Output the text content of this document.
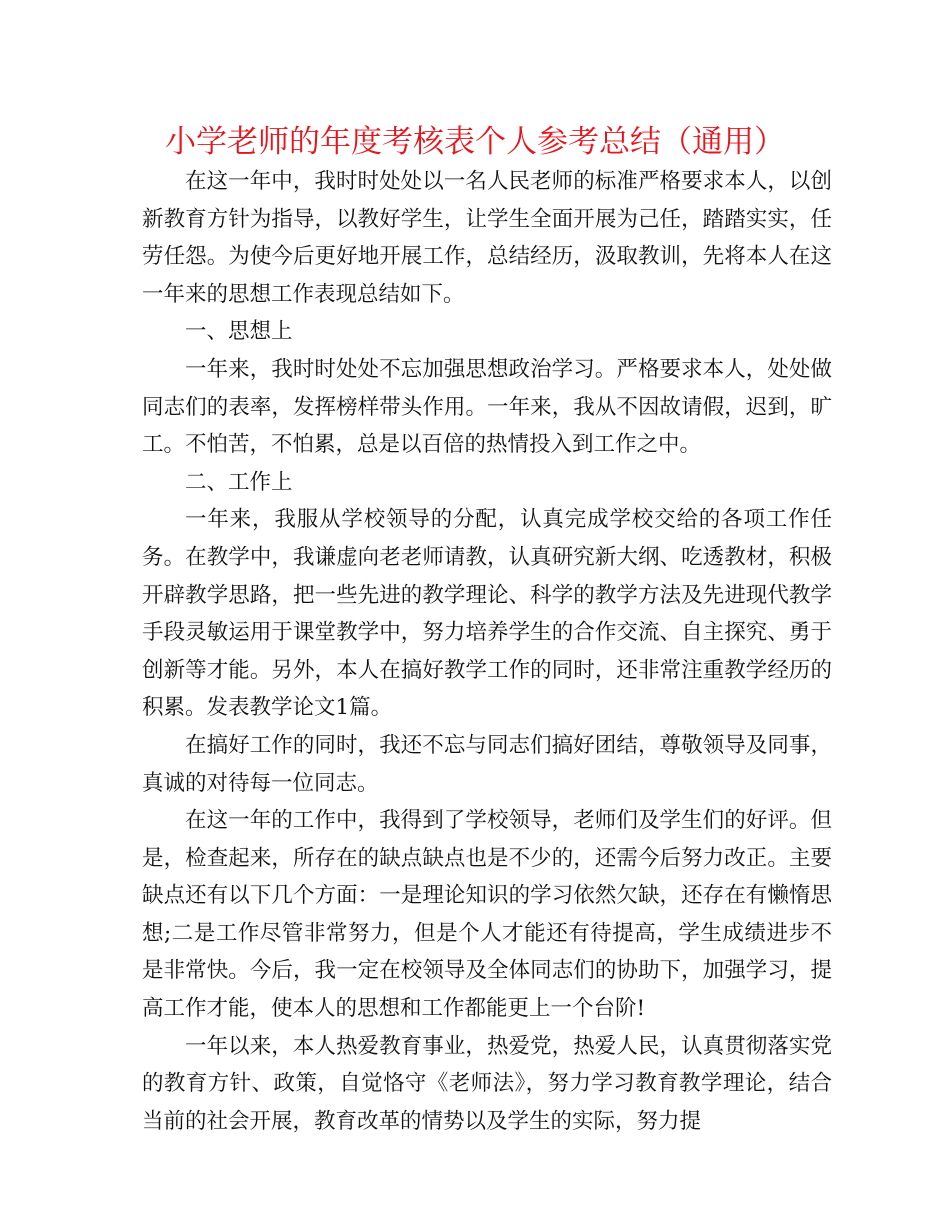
小学老师的年度考核表个人参考总结（通用）

在这一年中，我时时处处以一名人民老师的标准严格要求本人，以创新教育方针为指导，以教好学生，让学生全面开展为己任，踏踏实实，任劳任怨。为使今后更好地开展工作，总结经历，汲取教训，先将本人在这一年来的思想工作表现总结如下。

一、思想上

一年来，我时时处处不忘加强思想政治学习。严格要求本人，处处做同志们的表率，发挥榜样带头作用。一年来，我从不因故请假，迟到，旷工。不怕苦，不怕累，总是以百倍的热情投入到工作之中。

二、工作上

一年来，我服从学校领导的分配，认真完成学校交给的各项工作任务。在教学中，我谦虚向老老师请教，认真研究新大纲、吃透教材，积极开辟教学思路，把一些先进的教学理论、科学的教学方法及先进现代教学手段灵敏运用于课堂教学中，努力培养学生的合作交流、自主探究、勇于创新等才能。另外，本人在搞好教学工作的同时，还非常注重教学经历的积累。发表教学论文1篇。

在搞好工作的同时，我还不忘与同志们搞好团结，尊敬领导及同事，真诚的对待每一位同志。

在这一年的工作中，我得到了学校领导，老师们及学生们的好评。但是，检查起来，所存在的缺点缺点也是不少的，还需今后努力改正。主要缺点还有以下几个方面：一是理论知识的学习依然欠缺，还存在有懒惰思想;二是工作尽管非常努力，但是个人才能还有待提高，学生成绩进步不是非常快。今后，我一定在校领导及全体同志们的协助下，加强学习，提高工作才能，使本人的思想和工作都能更上一个台阶!

一年以来，本人热爱教育事业，热爱党，热爱人民，认真贯彻落实党的教育方针、政策，自觉恪守《老师法》，努力学习教育教学理论，结合当前的社会开展，教育改革的情势以及学生的实际，努力提
